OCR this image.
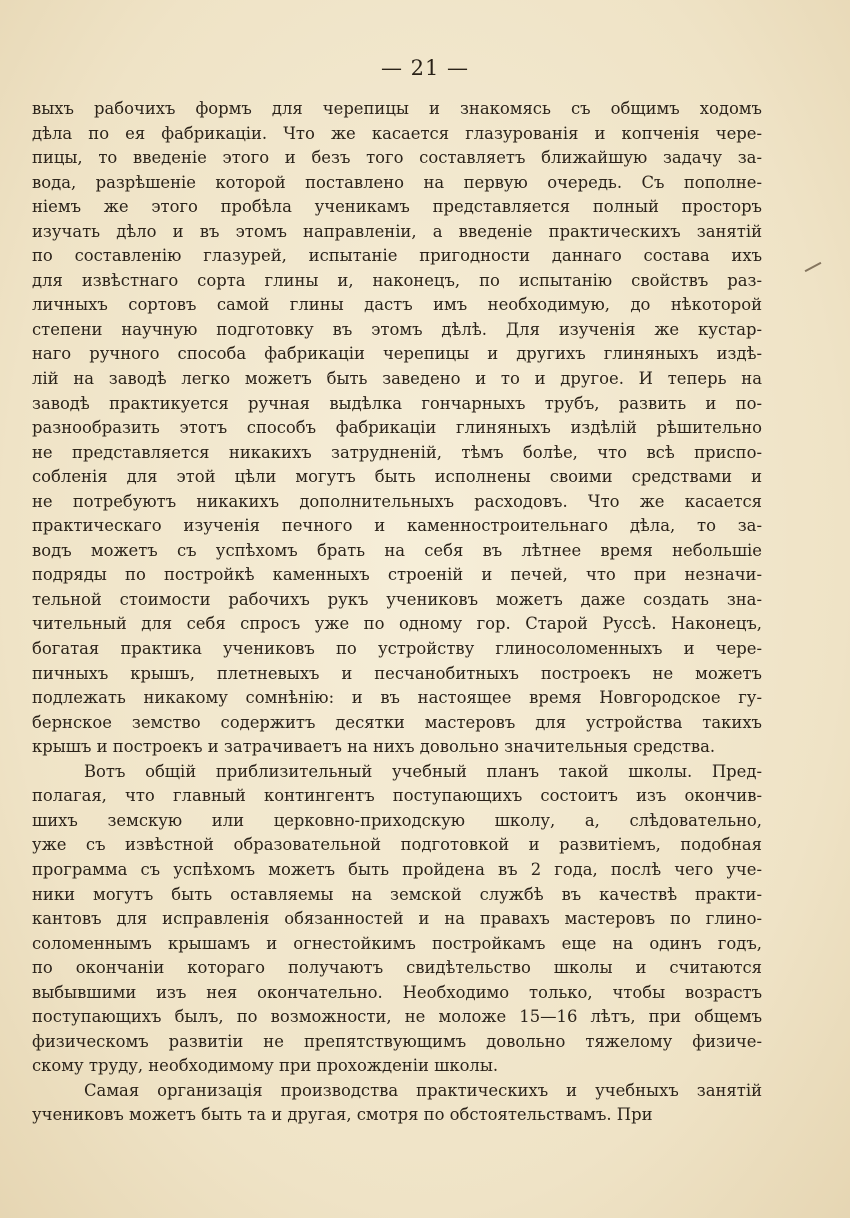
— 21 —
выхъ рабочихъ формъ для черепицы и знакомясь съ общимъ ходомъ
дѣла по ея фабрикаціи. Что же касается глазурованія и копченія чере-
пицы, то введеніе этого и безъ того составляетъ ближайшую задачу за-
вода, разрѣшеніе которой поставлено на первую очередь. Съ пополне-
ніемъ же этого пробѣла ученикамъ представляется полный просторъ
изучать дѣло и въ этомъ направленіи, а введеніе практическихъ занятій
по составленію глазурей, испытаніе пригодности даннаго состава ихъ
для извѣстнаго сорта глины и, наконецъ, по испытанію свойствъ раз-
личныхъ сортовъ самой глины дастъ имъ необходимую, до нѣкоторой
степени научную подготовку въ этомъ дѣлѣ. Для изученія же кустар-
наго ручного способа фабрикаціи черепицы и другихъ глиняныхъ издѣ-
лій на заводѣ легко можетъ быть заведено и то и другое. И теперь на
заводѣ практикуется ручная выдѣлка гончарныхъ трубъ, развить и по-
разнообразить этотъ способъ фабрикаціи глиняныхъ издѣлій рѣшительно
не представляется никакихъ затрудненій, тѣмъ болѣе, что всѣ приспо-
собленія для этой цѣли могутъ быть исполнены своими средствами и
не потребуютъ никакихъ дополнительныхъ расходовъ. Что же касается
практическаго изученія печного и каменностроительнаго дѣла, то за-
водъ можетъ съ успѣхомъ брать на себя въ лѣтнее время небольшіе
подряды по постройкѣ каменныхъ строеній и печей, что при незначи-
тельной стоимости рабочихъ рукъ учениковъ можетъ даже создать зна-
чительный для себя спросъ уже по одному гор. Старой Руссѣ. Наконецъ,
богатая практика учениковъ по устройству глиносоломенныхъ и чере-
пичныхъ крышъ, плетневыхъ и песчанобитныхъ построекъ не можетъ
подлежать никакому сомнѣнію: и въ настоящее время Новгородское гу-
бернское земство содержитъ десятки мастеровъ для устройства такихъ
крышъ и построекъ и затрачиваетъ на нихъ довольно значительныя средства.
Вотъ общій приблизительный учебный планъ такой школы. Пред-
полагая, что главный контингентъ поступающихъ состоитъ изъ окончив-
шихъ земскую или церковно-приходскую школу, а, слѣдовательно,
уже съ извѣстной образовательной подготовкой и развитіемъ, подобная
программа съ успѣхомъ можетъ быть пройдена въ 2 года, послѣ чего уче-
ники могутъ быть оставляемы на земской службѣ въ качествѣ практи-
кантовъ для исправленія обязанностей и на правахъ мастеровъ по глино-
соломеннымъ крышамъ и огнестойкимъ постройкамъ еще на одинъ годъ,
по окончаніи котораго получаютъ свидѣтельство школы и считаются
выбывшими изъ нея окончательно. Необходимо только, чтобы возрастъ
поступающихъ былъ, по возможности, не моложе 15—16 лѣтъ, при общемъ
физическомъ развитіи не препятствующимъ довольно тяжелому физиче-
скому труду, необходимому при прохожденіи школы.
Самая организація производства практическихъ и учебныхъ занятій
учениковъ можетъ быть та и другая, смотря по обстоятельствамъ. При
